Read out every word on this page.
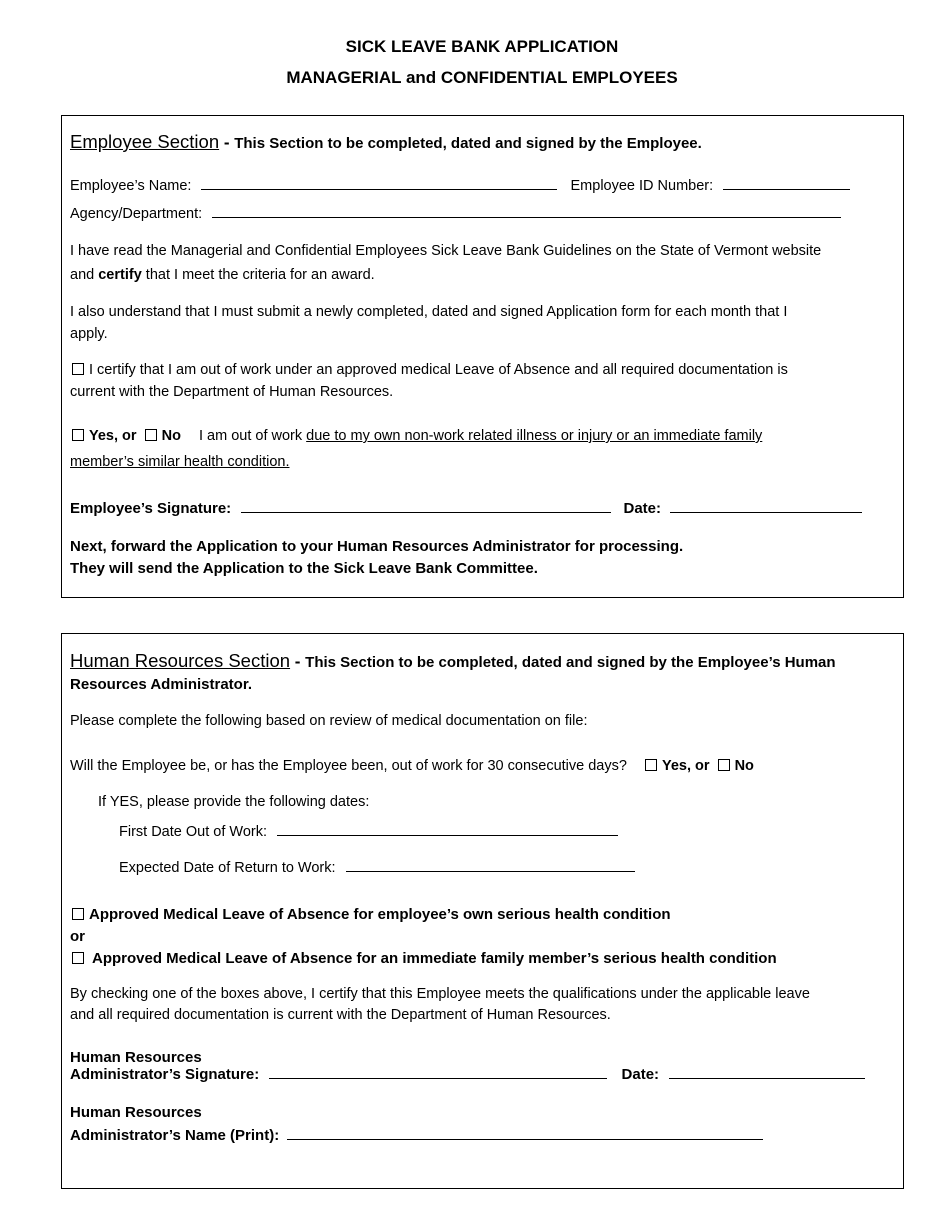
SICK LEAVE BANK APPLICATION
MANAGERIAL and CONFIDENTIAL EMPLOYEES
Employee Section - This Section to be completed, dated and signed by the Employee.
Employee’s Name:	Employee ID Number:
Agency/Department:
I have read the Managerial and Confidential Employees Sick Leave Bank Guidelines on the State of Vermont website
and certify that I meet the criteria for an award.
I also understand that I must submit a newly completed, dated and signed Application form for each month that I
apply.
I certify that I am out of work under an approved medical Leave of Absence and all required documentation is
current with the Department of Human Resources.
Yes, or No I am out of work due to my own non-work related illness or injury or an immediate family
member’s similar health condition.
Employee’s Signature:	Date:
Next, forward the Application to your Human Resources Administrator for processing.
They will send the Application to the Sick Leave Bank Committee.
Human Resources Section - This Section to be completed, dated and signed by the Employee’s Human
Resources Administrator.
Please complete the following based on review of medical documentation on file:
Will the Employee be, or has the Employee been, out of work for 30 consecutive days? Yes, or No
If YES, please provide the following dates:
First Date Out of Work:
Expected Date of Return to Work:
Approved Medical Leave of Absence for employee’s own serious health condition
or
Approved Medical Leave of Absence for an immediate family member’s serious health condition
By checking one of the boxes above, I certify that this Employee meets the qualifications under the applicable leave
and all required documentation is current with the Department of Human Resources.
Human Resources
Administrator’s Signature:	Date:
Human Resources
Administrator’s Name (Print):
